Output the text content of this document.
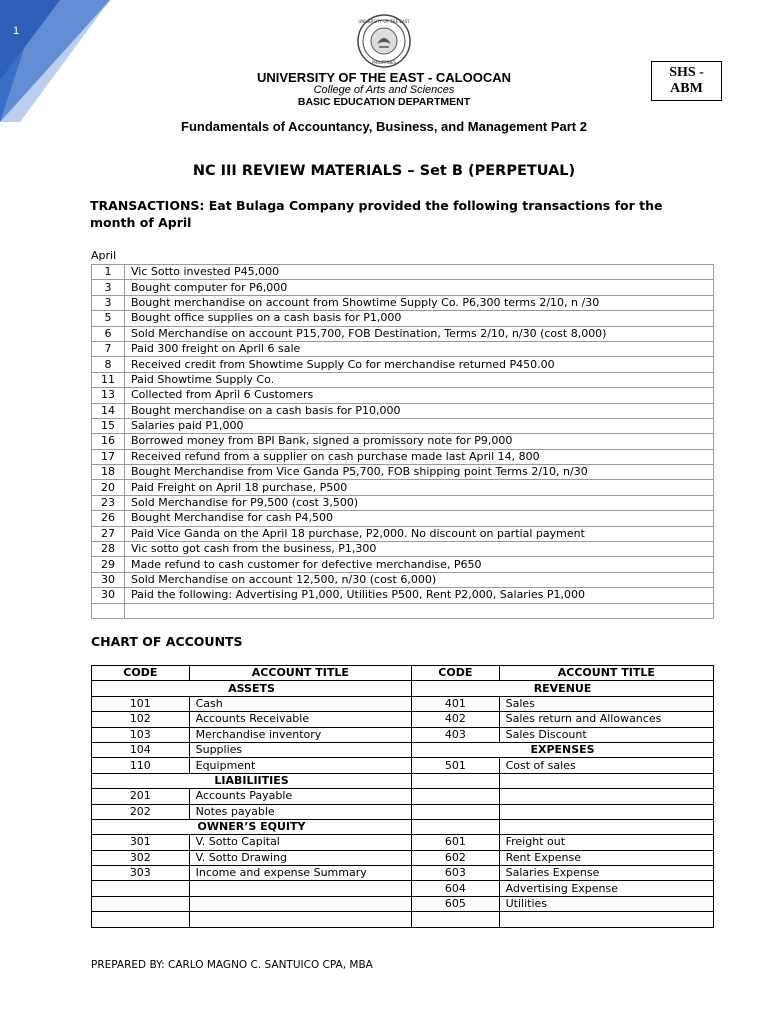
1
UNIVERSITY OF THE EAST
PHILIPPINES
SHS -
ABM
UNIVERSITY OF THE EAST - CALOOCAN
College of Arts and Sciences
BASIC EDUCATION DEPARTMENT
Fundamentals of Accountancy, Business, and Management Part 2
NC III REVIEW MATERIALS – Set B (PERPETUAL)
TRANSACTIONS: Eat Bulaga Company provided the following transactions for the month of April
April
1	Vic Sotto invested P45,000
3	Bought computer for P6,000
3	Bought merchandise on account from Showtime Supply Co. P6,300 terms 2/10, n /30
5	Bought office supplies on a cash basis for P1,000
6	Sold Merchandise on account P15,700, FOB Destination, Terms 2/10, n/30 (cost 8,000)
7	Paid 300 freight on April 6 sale
8	Received credit from Showtime Supply Co for merchandise returned P450.00
11	Paid Showtime Supply Co.
13	Collected from April 6 Customers
14	Bought merchandise on a cash basis for P10,000
15	Salaries paid P1,000
16	Borrowed money from BPI Bank, signed a promissory note for P9,000
17	Received refund from a supplier on cash purchase made last April 14, 800
18	Bought Merchandise from Vice Ganda P5,700, FOB shipping point Terms 2/10, n/30
20	Paid Freight on April 18 purchase, P500
23	Sold Merchandise for P9,500 (cost 3,500)
26	Bought Merchandise for cash P4,500
27	Paid Vice Ganda on the April 18 purchase, P2,000. No discount on partial payment
28	Vic sotto got cash from the business, P1,300
29	Made refund to cash customer for defective merchandise, P650
30	Sold Merchandise on account 12,500, n/30 (cost 6,000)
30	Paid the following: Advertising P1,000, Utilities P500, Rent P2,000, Salaries P1,000

CHART OF ACCOUNTS
CODE	ACCOUNT TITLE	CODE	ACCOUNT TITLE
ASSETS		REVENUE	
101	Cash	401	Sales
102	Accounts Receivable	402	Sales return and Allowances
103	Merchandise inventory	403	Sales Discount
104	Supplies	EXPENSES	
110	Equipment	501	Cost of sales
LIABILIITIES			
201	Accounts Payable		
202	Notes payable		
OWNER’S EQUITY			
301	V. Sotto Capital	601	Freight out
302	V. Sotto Drawing	602	Rent Expense
303	Income and expense Summary	603	Salaries Expense
		604	Advertising Expense
		605	Utilities

PREPARED BY: CARLO MAGNO C. SANTUICO CPA, MBA
